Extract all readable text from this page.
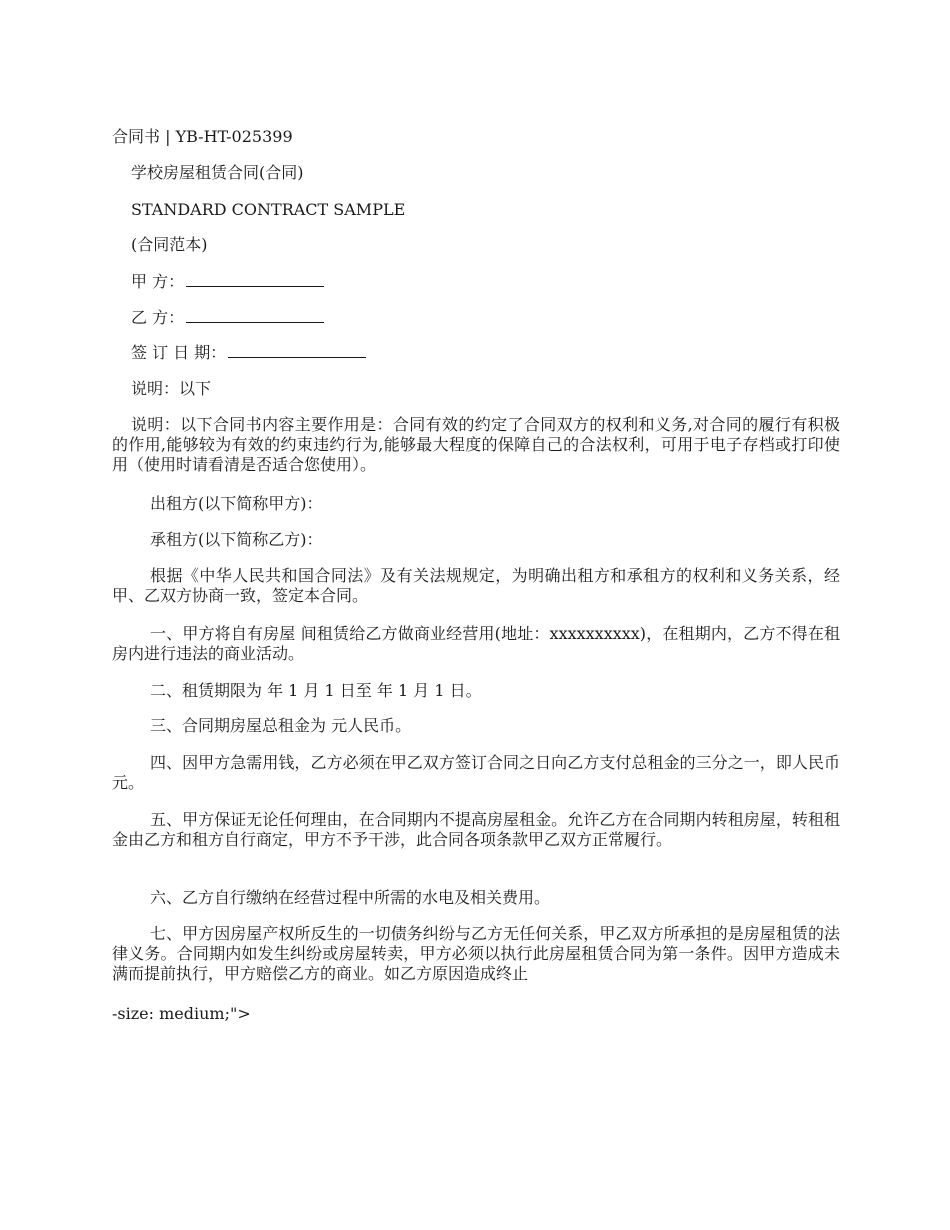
合同书 | YB-HT-025399
学校房屋租赁合同(合同)
STANDARD CONTRACT SAMPLE
(合同范本)
甲 方：
乙 方：
签 订 日 期：
说明：以下
说明：以下合同书内容主要作用是：合同有效的约定了合同双方的权利和义务,对合同的履行有积极的作用,能够较为有效的约束违约行为,能够最大程度的保障自己的合法权利，可用于电子存档或打印使用（使用时请看清是否适合您使用）。
出租方(以下简称甲方)：
承租方(以下简称乙方)：
根据《中华人民共和国合同法》及有关法规规定，为明确出租方和承租方的权利和义务关系，经甲、乙双方协商一致，签定本合同。
一、甲方将自有房屋 间租赁给乙方做商业经营用(地址：xxxxxxxxxx)，在租期内，乙方不得在租房内进行违法的商业活动。
二、租赁期限为 年 1 月 1 日至 年 1 月 1 日。
三、合同期房屋总租金为 元人民币。
四、因甲方急需用钱，乙方必须在甲乙双方签订合同之日向乙方支付总租金的三分之一，即人民币 元。
五、甲方保证无论任何理由，在合同期内不提高房屋租金。允许乙方在合同期内转租房屋，转租租金由乙方和租方自行商定，甲方不予干涉，此合同各项条款甲乙双方正常履行。
六、乙方自行缴纳在经营过程中所需的水电及相关费用。
七、甲方因房屋产权所反生的一切债务纠纷与乙方无任何关系，甲乙双方所承担的是房屋租赁的法律义务。合同期内如发生纠纷或房屋转卖，甲方必须以执行此房屋租赁合同为第一条件。因甲方造成未满而提前执行，甲方赔偿乙方的商业。如乙方原因造成终止
-size: medium;">
